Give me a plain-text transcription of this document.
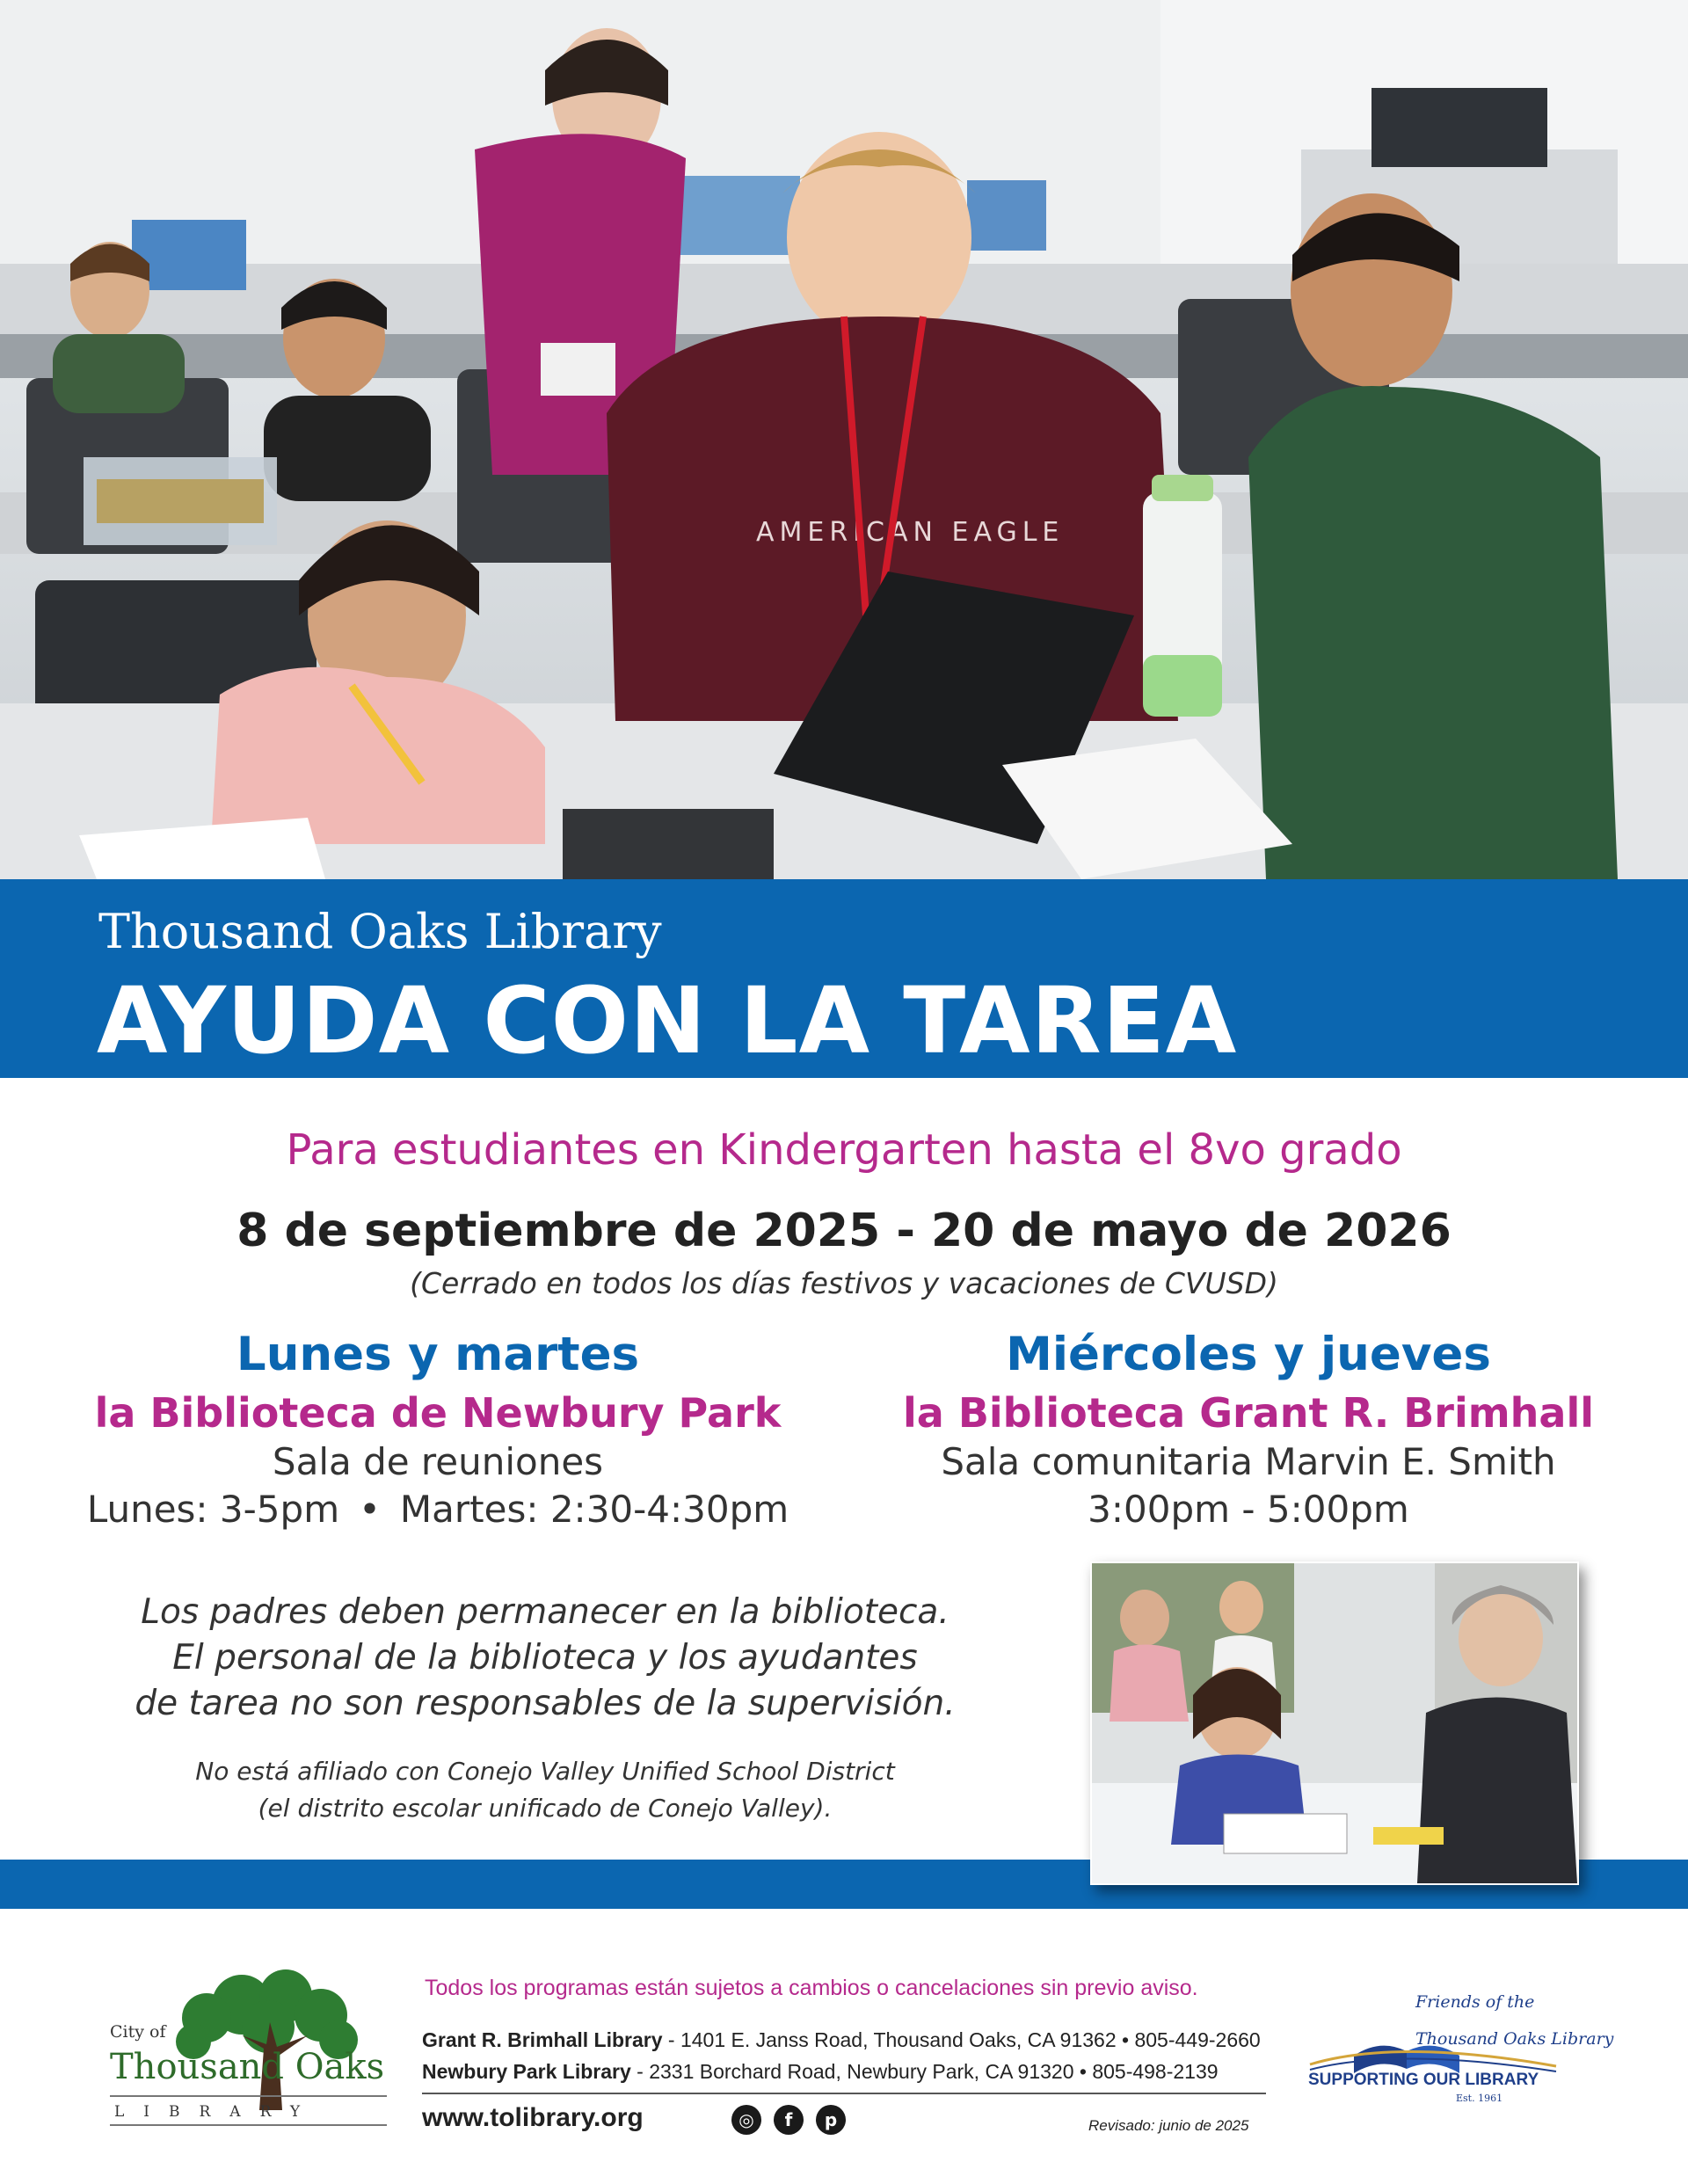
AMERICAN EAGLE
Thousand Oaks Library
AYUDA CON LA TAREA
Para estudiantes en Kindergarten hasta el 8vo grado
8 de septiembre de 2025 - 20 de mayo de 2026
(Cerrado en todos los días festivos y vacaciones de CVUSD)
Lunes y martes
la Biblioteca de Newbury Park
Sala de reuniones
Lunes: 3-5pm • Martes: 2:30-4:30pm
Miércoles y jueves
la Biblioteca Grant R. Brimhall
Sala comunitaria Marvin E. Smith
3:00pm - 5:00pm
Los padres deben permanecer en la biblioteca.
El personal de la biblioteca y los ayudantes
de tarea no son responsables de la supervisión.
No está afiliado con Conejo Valley Unified School District
(el distrito escolar unificado de Conejo Valley).
City of
Thousand Oaks
LIBRARY
Todos los programas están sujetos a cambios o cancelaciones sin previo aviso.
Grant R. Brimhall Library - 1401 E. Janss Road, Thousand Oaks, CA 91362 • 805-449-2660
Newbury Park Library - 2331 Borchard Road, Newbury Park, CA 91320 • 805-498-2139
www.tolibrary.org	◎	f	p	Revisado: junio de 2025
Friends of the
Thousand Oaks Library
SUPPORTING OUR LIBRARY
Est. 1961
